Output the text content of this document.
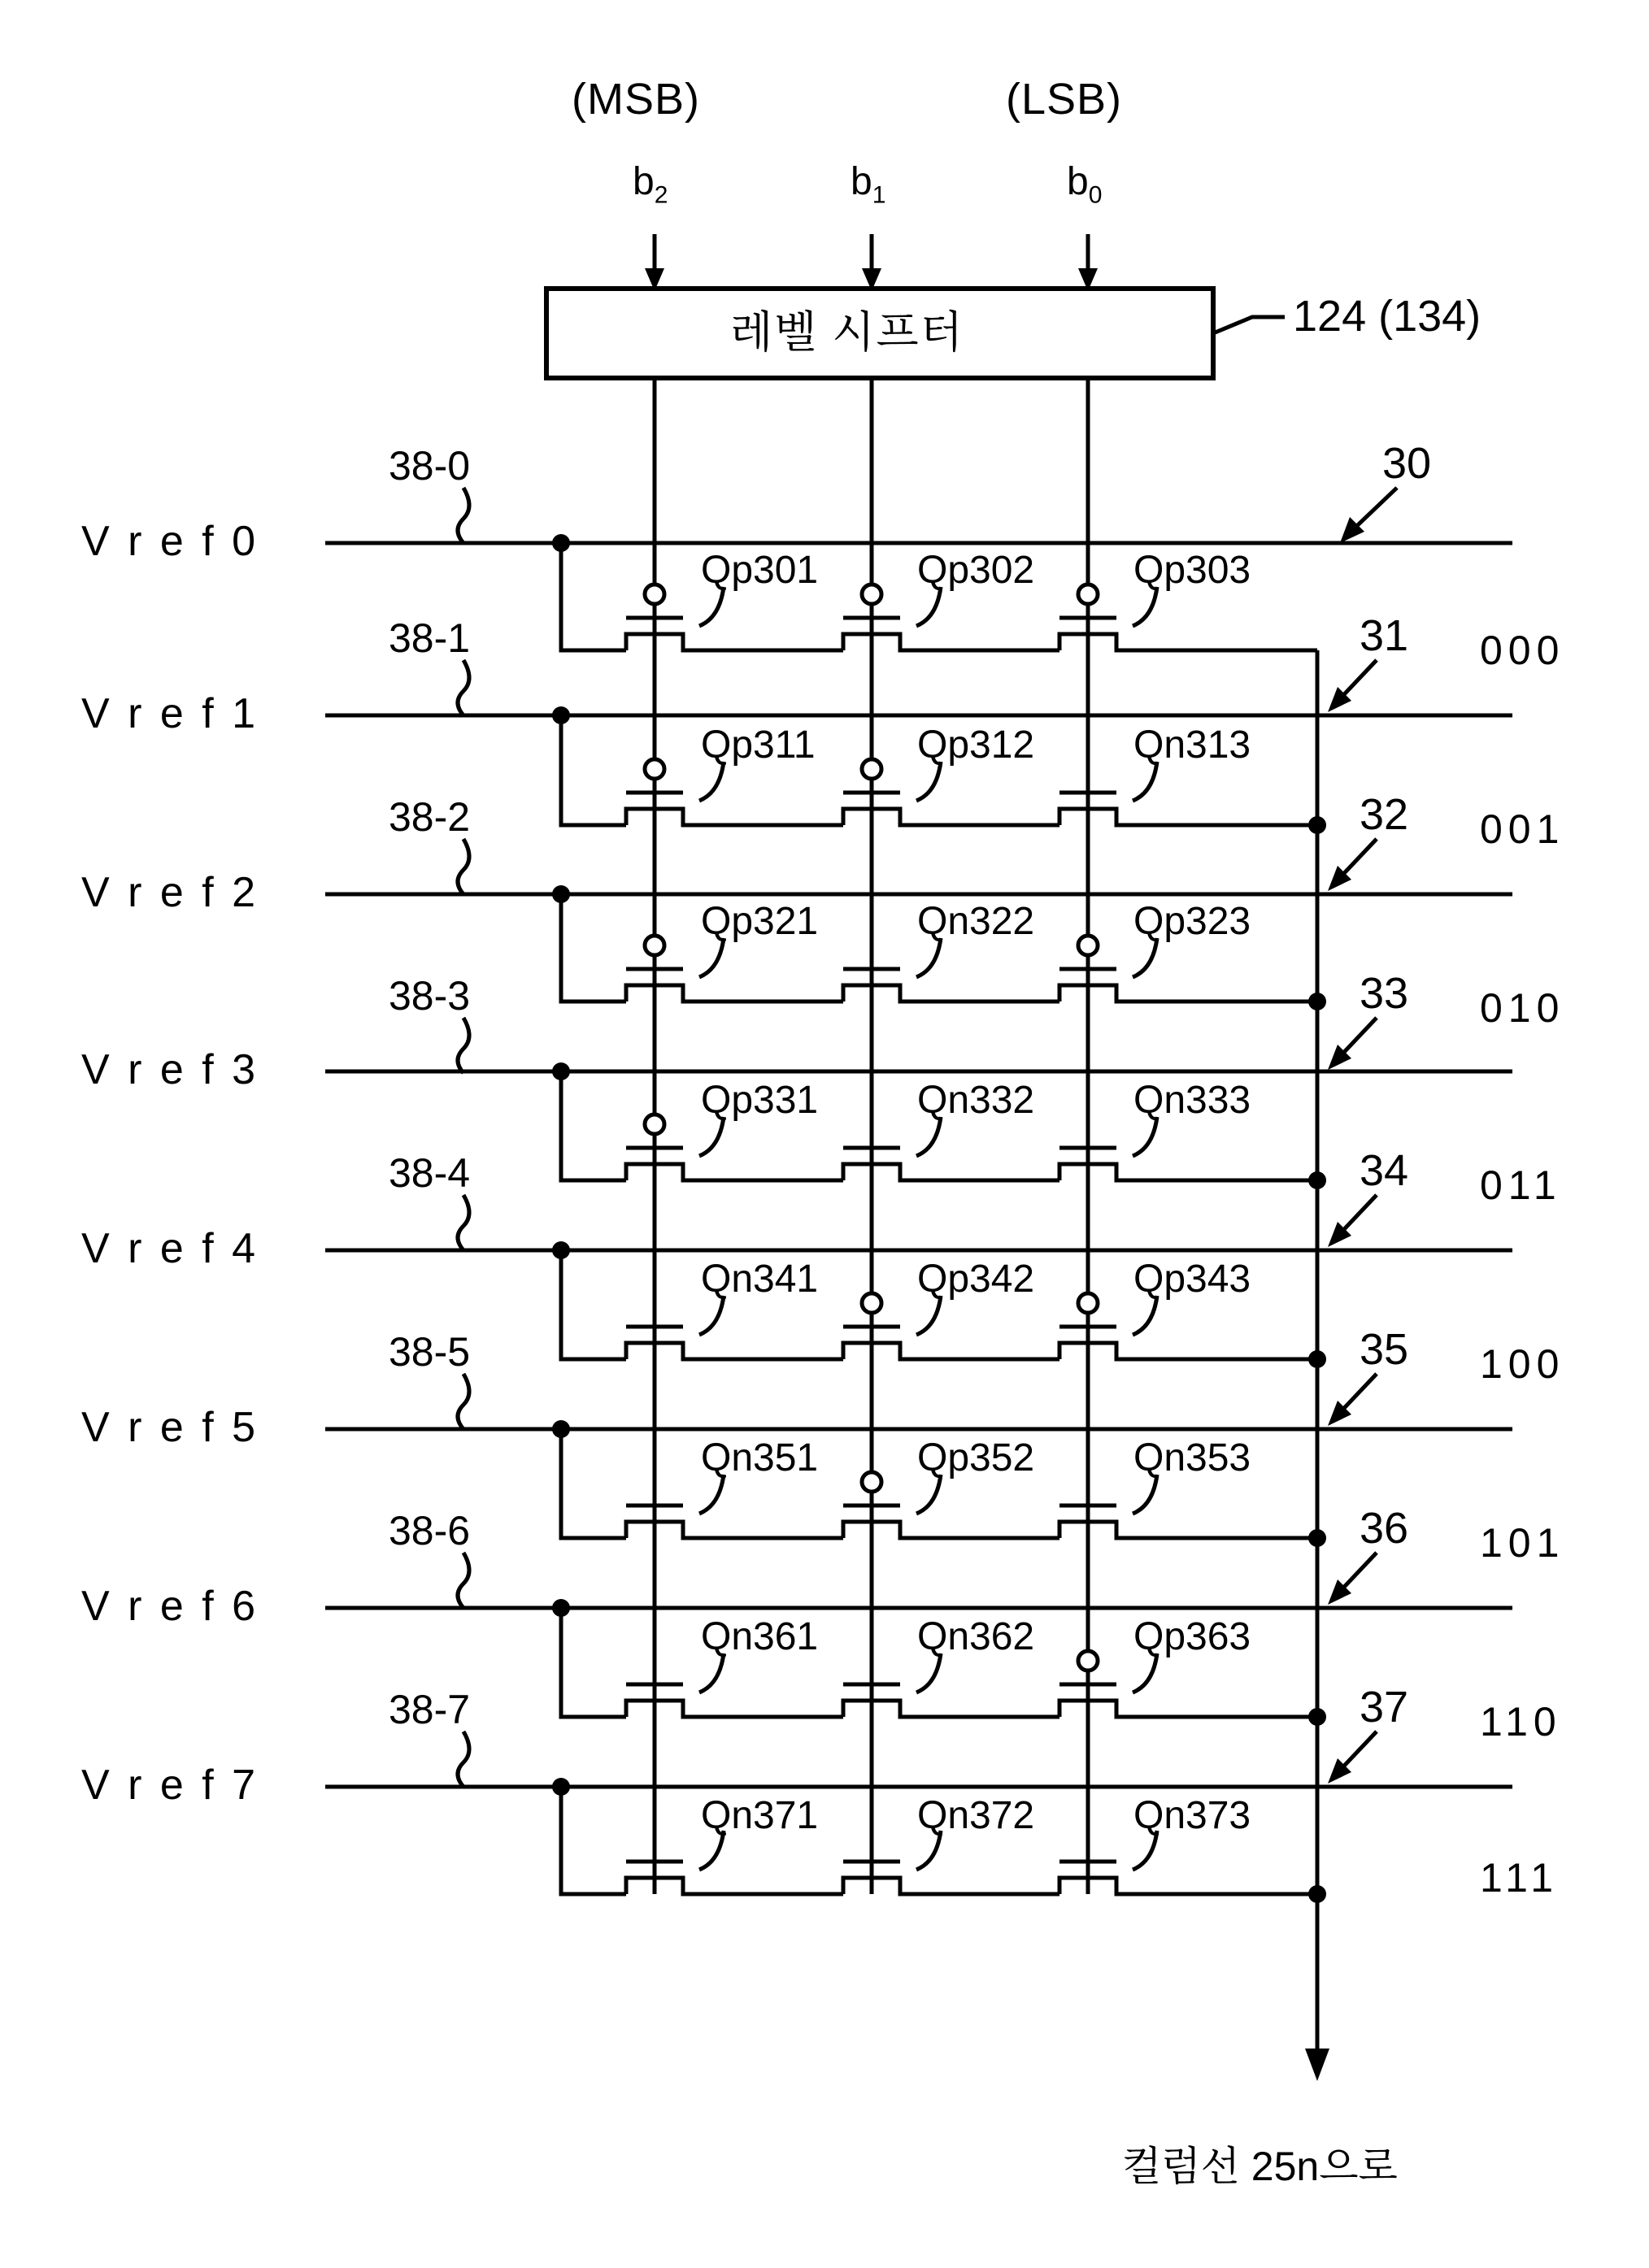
(MSB)	(LSB)
$b_2$	$b_1$	$b_0$
레벨 시프터	124 (134)
V r e f 0
V r e f 1
V r e f 2
V r e f 3
V r e f 4
V r e f 5
V r e f 6
V r e f 7
38-0
38-1
38-2
38-3
38-4
38-5
38-6
38-7
30
31
32
33
34
35
36
37
000
001
010
011
100
101
110
111
Qp301	Qp302	Qp303
Qp311	Qp312	Qn313
Qp321	Qn322	Qp323
Qp331	Qn332	Qn333
Qn341	Qp342	Qp343
Qn351	Qp352	Qn353
Qn361	Qn362	Qp363
Qn371	Qn372	Qn373
컬럼선 25n으로
